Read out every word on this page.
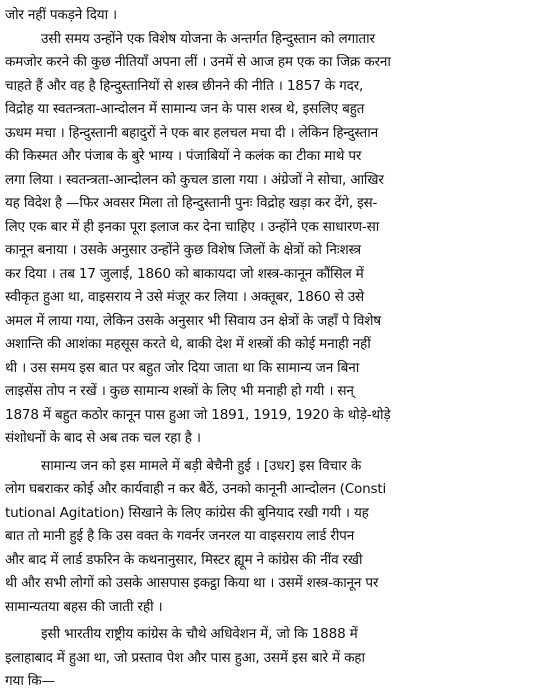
जोर नहीं पकड़ने दिया ।
उसी समय उन्होंने एक विशेष योजना के अन्तर्गत हिन्दुस्तान को लगातार
कमजोर करने की कुछ नीतियाँ अपना लीं । उनमें से आज हम एक का जिक्र करना
चाहते हैं और वह है हिन्दुस्तानियों से शस्त्र छीनने की नीति । 1857 के गदर,
विद्रोह या स्वतन्त्रता-आन्दोलन में सामान्य जन के पास शस्त्र थे, इसलिए बहुत
ऊधम मचा । हिन्दुस्तानी बहादुरों ने एक बार हलचल मचा दी । लेकिन हिन्दुस्तान
की किस्मत और पंजाब के बुरे भाग्य । पंजाबियों ने कलंक का टीका माथे पर
लगा लिया । स्वतन्त्रता-आन्दोलन को कुचल डाला गया । अंग्रेजों ने सोचा, आखिर
यह विदेश है —फिर अवसर मिला तो हिन्दुस्तानी पुनः विद्रोह खड़ा कर देंगे, इस-
लिए एक बार में ही इनका पूरा इलाज कर देना चाहिए । उन्होंने एक साधारण-सा
कानून बनाया । उसके अनुसार उन्होंने कुछ विशेष जिलों के क्षेत्रों को निःशस्त्र
कर दिया । तब 17 जुलाई, 1860 को बाकायदा जो शस्त्र-कानून कौंसिल में
स्वीकृत हुआ था, वाइसराय ने उसे मंजूर कर लिया । अक्तूबर, 1860 से उसे
अमल में लाया गया, लेकिन उसके अनुसार भी सिवाय उन क्षेत्रों के जहाँ पे विशेष
अशान्ति की आशंका महसूस करते थे, बाकी देश में शस्त्रों की कोई मनाही नहीं
थी । उस समय इस बात पर बहुत जोर दिया जाता था कि सामान्य जन बिना
लाइसेंस तोप न रखें । कुछ सामान्य शस्त्रों के लिए भी मनाही हो गयी । सन्
1878 में बहुत कठोर कानून पास हुआ जो 1891, 1919, 1920 के थोड़े-थोड़े
संशोधनों के बाद से अब तक चल रहा है ।
सामान्य जन को इस मामले में बड़ी बेचैनी हुई । [उधर] इस विचार के
लोग घबराकर कोई और कार्यवाही न कर बैठें, उनको कानूनी आन्दोलन (Consti
tutional Agitation) सिखाने के लिए कांग्रेस की बुनियाद रखी गयी । यह
बात तो मानी हुई है कि उस वक्त के गवर्नर जनरल या वाइसराय लार्ड रीपन
और बाद में लार्ड डफरिन के कथनानुसार, मिस्टर ह्यूम ने कांग्रेस की नींव रखी
थी और सभी लोगों को उसके आसपास इकट्ठा किया था । उसमें शस्त्र-कानून पर
सामान्यतया बहस की जाती रही ।
इसी भारतीय राष्ट्रीय कांग्रेस के चौथे अधिवेशन में, जो कि 1888 में
इलाहाबाद में हुआ था, जो प्रस्ताव पेश और पास हुआ, उसमें इस बारे में कहा
गया कि—
